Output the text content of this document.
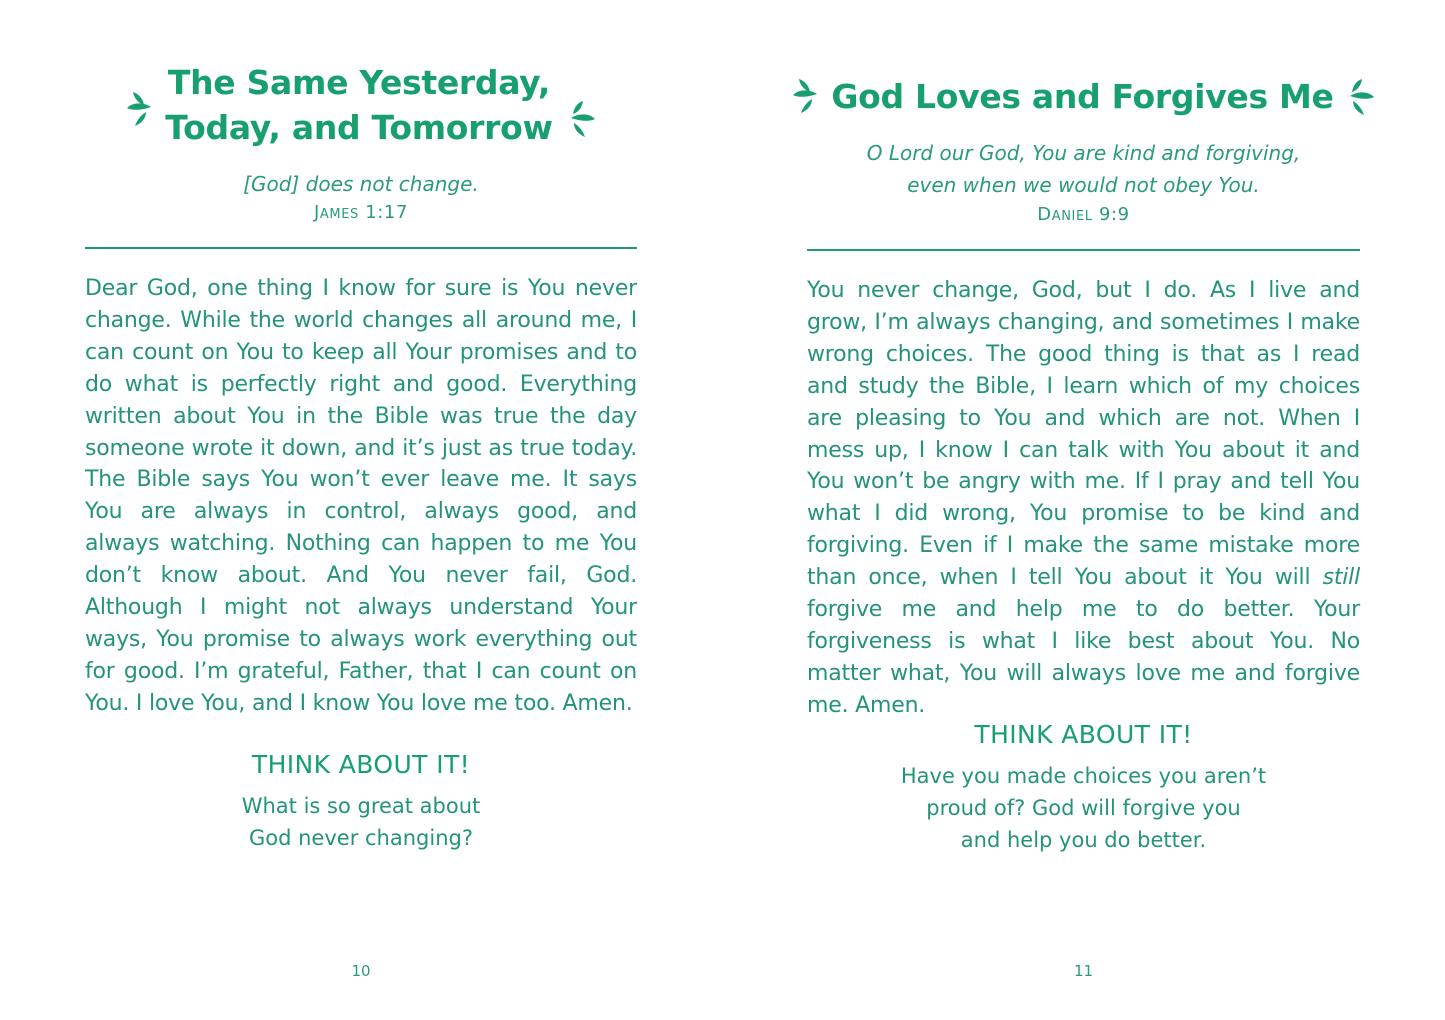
The Same Yesterday,
Today, and Tomorrow
[God] does not change.
James 1:17
Dear God, one thing I know for sure is You never change. While the world changes all around me, I can count on You to keep all Your promises and to do what is perfectly right and good. Everything written about You in the Bible was true the day someone wrote it down, and it’s just as true today. The Bible says You won’t ever leave me. It says You are always in control, always good, and always watching. Nothing can happen to me You don’t know about. And You never fail, God. Although I might not always understand Your ways, You promise to always work everything out for good. I’m grateful, Father, that I can count on You. I love You, and I know You love me too. Amen.
THINK ABOUT IT!
What is so great about
God never changing?
10
God Loves and Forgives Me
O Lord our God, You are kind and forgiving,
even when we would not obey You.
Daniel 9:9
You never change, God, but I do. As I live and grow, I’m always changing, and sometimes I make wrong choices. The good thing is that as I read and study the Bible, I learn which of my choices are pleasing to You and which are not. When I mess up, I know I can talk with You about it and You won’t be angry with me. If I pray and tell You what I did wrong, You promise to be kind and forgiving. Even if I make the same mistake more than once, when I tell You about it You will still forgive me and help me to do better. Your forgiveness is what I like best about You. No matter what, You will always love me and forgive me. Amen.
THINK ABOUT IT!
Have you made choices you aren’t
proud of? God will forgive you
and help you do better.
11
